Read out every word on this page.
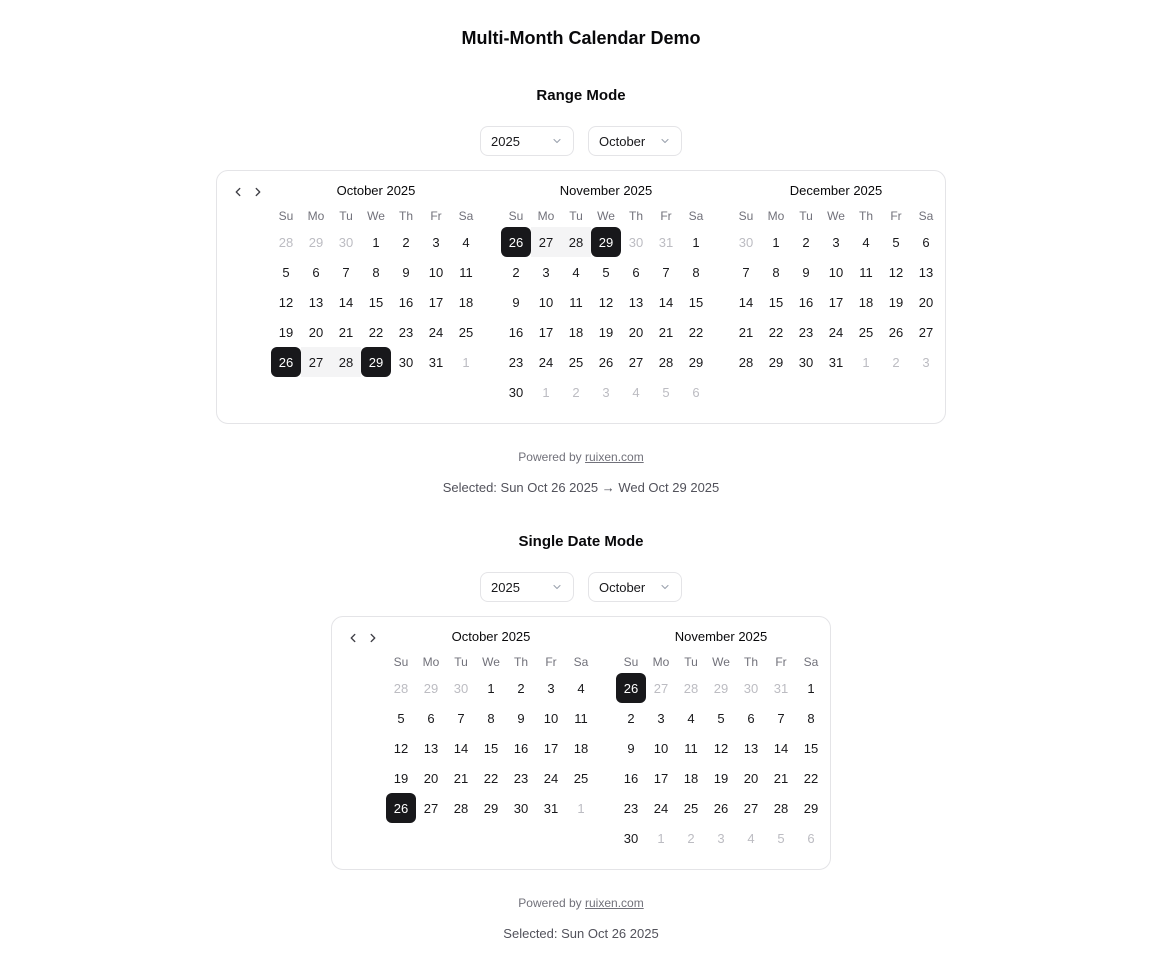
Multi-Month Calendar Demo
Range Mode
2025	October
October 2025
Su	Mo	Tu	We	Th	Fr	Sa
28	29	30	1	2	3	4
5	6	7	8	9	10	11
12	13	14	15	16	17	18
19	20	21	22	23	24	25
26	27	28	29	30	31	1
November 2025
Su	Mo	Tu	We	Th	Fr	Sa
26	27	28	29	30	31	1
2	3	4	5	6	7	8
9	10	11	12	13	14	15
16	17	18	19	20	21	22
23	24	25	26	27	28	29
30	1	2	3	4	5	6
December 2025
Su	Mo	Tu	We	Th	Fr	Sa
30	1	2	3	4	5	6
7	8	9	10	11	12	13
14	15	16	17	18	19	20
21	22	23	24	25	26	27
28	29	30	31	1	2	3

Powered by ruixen.com

Selected: Sun Oct 26 2025 → Wed Oct 29 2025

Single Date Mode
2025	October
October 2025
Su	Mo	Tu	We	Th	Fr	Sa
28	29	30	1	2	3	4
5	6	7	8	9	10	11
12	13	14	15	16	17	18
19	20	21	22	23	24	25
26	27	28	29	30	31	1
November 2025
Su	Mo	Tu	We	Th	Fr	Sa
26	27	28	29	30	31	1
2	3	4	5	6	7	8
9	10	11	12	13	14	15
16	17	18	19	20	21	22
23	24	25	26	27	28	29
30	1	2	3	4	5	6

Powered by ruixen.com

Selected: Sun Oct 26 2025
